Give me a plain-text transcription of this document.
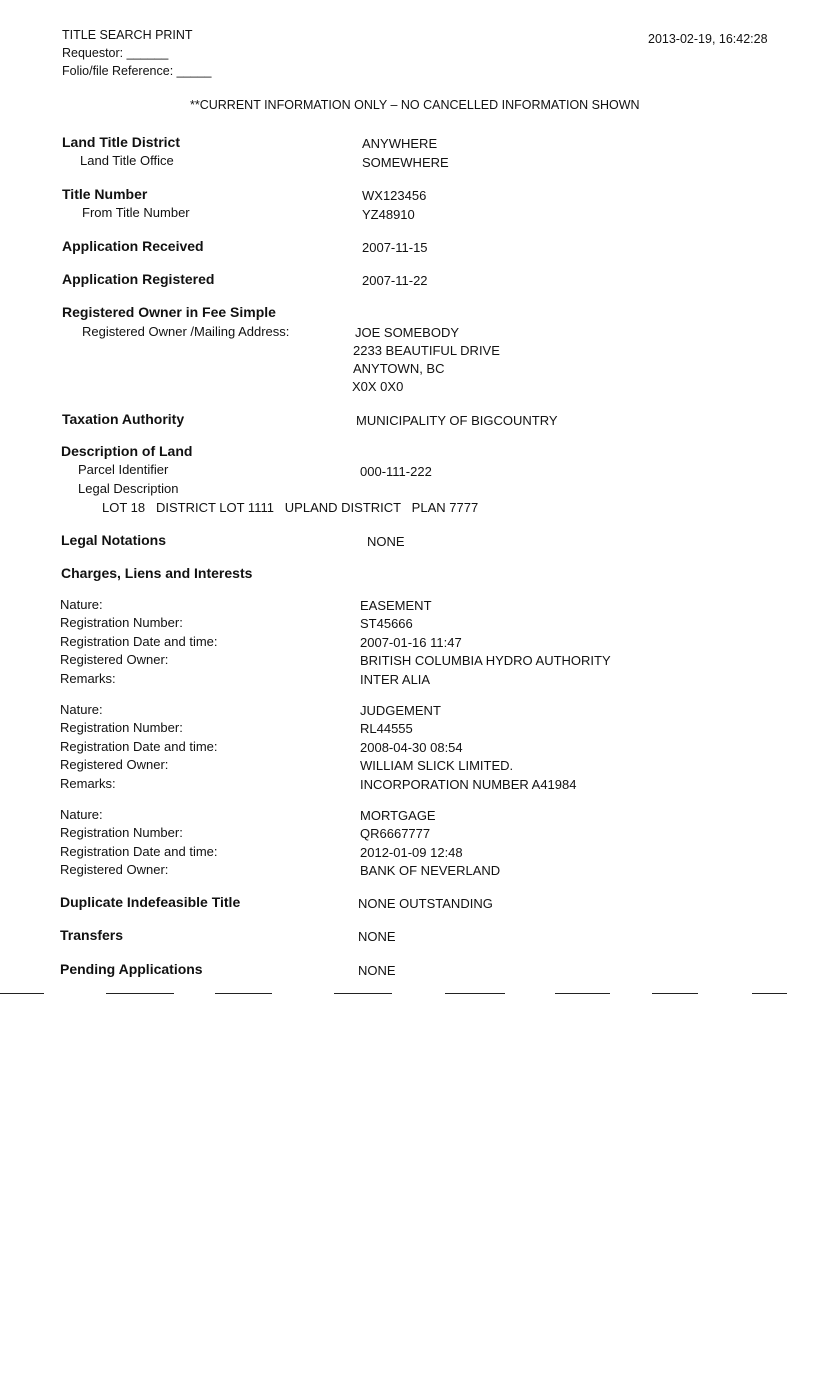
TITLE SEARCH PRINT
Requestor: ______
Folio/file Reference: _____
2013-02-19, 16:42:28
**CURRENT INFORMATION ONLY – NO CANCELLED INFORMATION SHOWN
Land Title District	ANYWHERE
Land Title Office	SOMEWHERE
Title Number	WX123456
From Title Number	YZ48910
Application Received	2007-11-15
Application Registered	2007-11-22
Registered Owner in Fee Simple
Registered Owner /Mailing Address:	JOE SOMEBODY
2233 BEAUTIFUL DRIVE
ANYTOWN, BC
X0X 0X0
Taxation Authority	MUNICIPALITY OF BIGCOUNTRY
Description of Land
Parcel Identifier	000-111-222
Legal Description
LOT 18   DISTRICT LOT 1111   UPLAND DISTRICT   PLAN 7777
Legal Notations	NONE
Charges, Liens and Interests
Nature:	EASEMENT
Registration Number:	ST45666
Registration Date and time:	2007-01-16 11:47
Registered Owner:	BRITISH COLUMBIA HYDRO AUTHORITY
Remarks:	INTER ALIA
Nature:	JUDGEMENT
Registration Number:	RL44555
Registration Date and time:	2008-04-30 08:54
Registered Owner:	WILLIAM SLICK LIMITED.
Remarks:	INCORPORATION NUMBER A41984
Nature:	MORTGAGE
Registration Number:	QR6667777
Registration Date and time:	2012-01-09 12:48
Registered Owner:	BANK OF NEVERLAND
Duplicate Indefeasible Title	NONE OUTSTANDING
Transfers	NONE
Pending Applications	NONE
